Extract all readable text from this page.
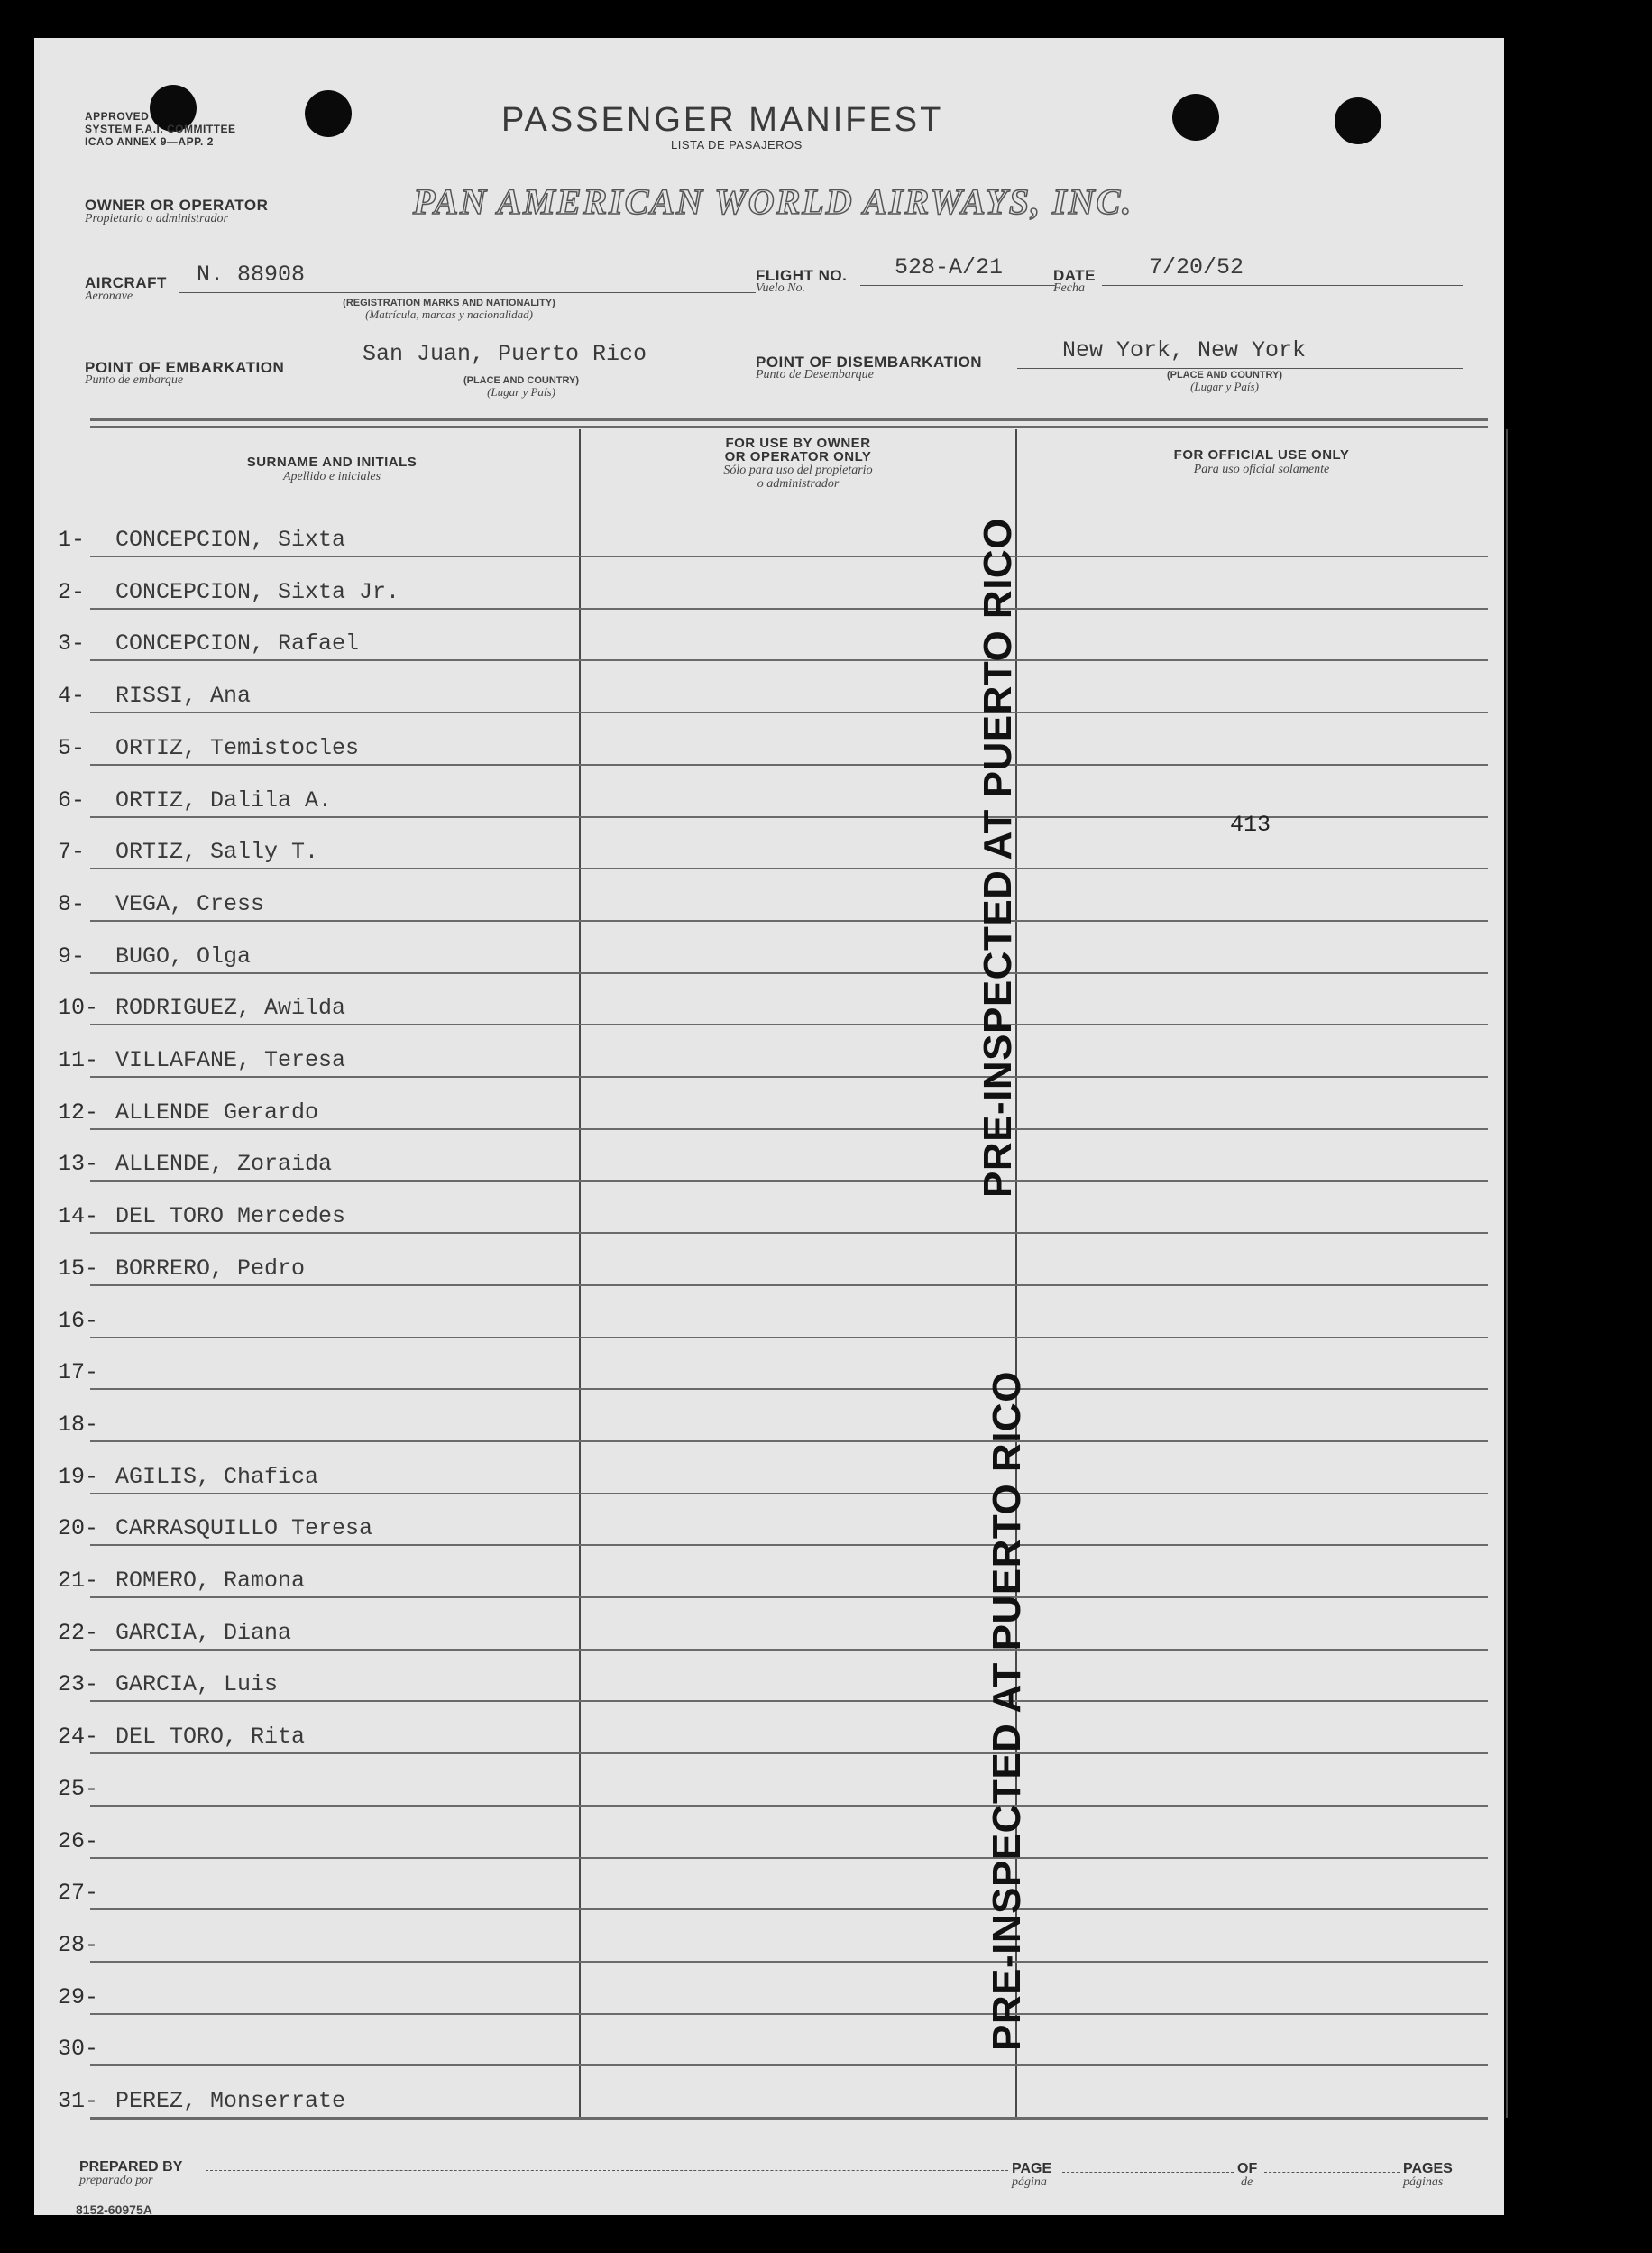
APPROVED
SYSTEM F.A.I. COMMITTEE
ICAO ANNEX 9—APP. 2
PASSENGER MANIFEST
LISTA DE PASAJEROS
OWNER OR OPERATOR
Propietario o administrador	PAN AMERICAN WORLD AIRWAYS, INC.
AIRCRAFT
Aeronave
N. 88908
(REGISTRATION MARKS AND NATIONALITY)
(Matrícula, marcas y nacionalidad)
FLIGHT NO.
Vuelo No.
528-A/21	DATE
Fecha
7/20/52
POINT OF EMBARKATION
Punto de embarque
San Juan, Puerto Rico
(PLACE AND COUNTRY)
(Lugar y País)
POINT OF DISEMBARKATION
Punto de Desembarque
New York, New York
(PLACE AND COUNTRY)
(Lugar y País)
SURNAME AND INITIALS
Apellido e iniciales
FOR USE BY OWNER
OR OPERATOR ONLY
Sólo para uso del propietario
o administrador
FOR OFFICIAL USE ONLY
Para uso oficial solamente
1- CONCEPCION, Sixta
2- CONCEPCION, Sixta Jr.
3- CONCEPCION, Rafael
4- RISSI, Ana
5- ORTIZ, Temistocles
6- ORTIZ, Dalila A.
7- ORTIZ, Sally T.
8- VEGA, Cress
9- BUGO, Olga
10- RODRIGUEZ, Awilda
11- VILLAFANE, Teresa
12- ALLENDE Gerardo
13- ALLENDE, Zoraida
14- DEL TORO Mercedes
15- BORRERO, Pedro
16-
17-
18-
19- AGILIS, Chafica
20- CARRASQUILLO Teresa
21- ROMERO, Ramona
22- GARCIA, Diana
23- GARCIA, Luis
24- DEL TORO, Rita
25-
26-
27-
28-
29-
30-
31- PEREZ, Monserrate
PRE-INSPECTED AT PUERTO RICO
PRE-INSPECTED AT PUERTO RICO
413
PREPARED BY
preparado por
PAGE
página
OF
de
PAGES
páginas
8152-60975A
